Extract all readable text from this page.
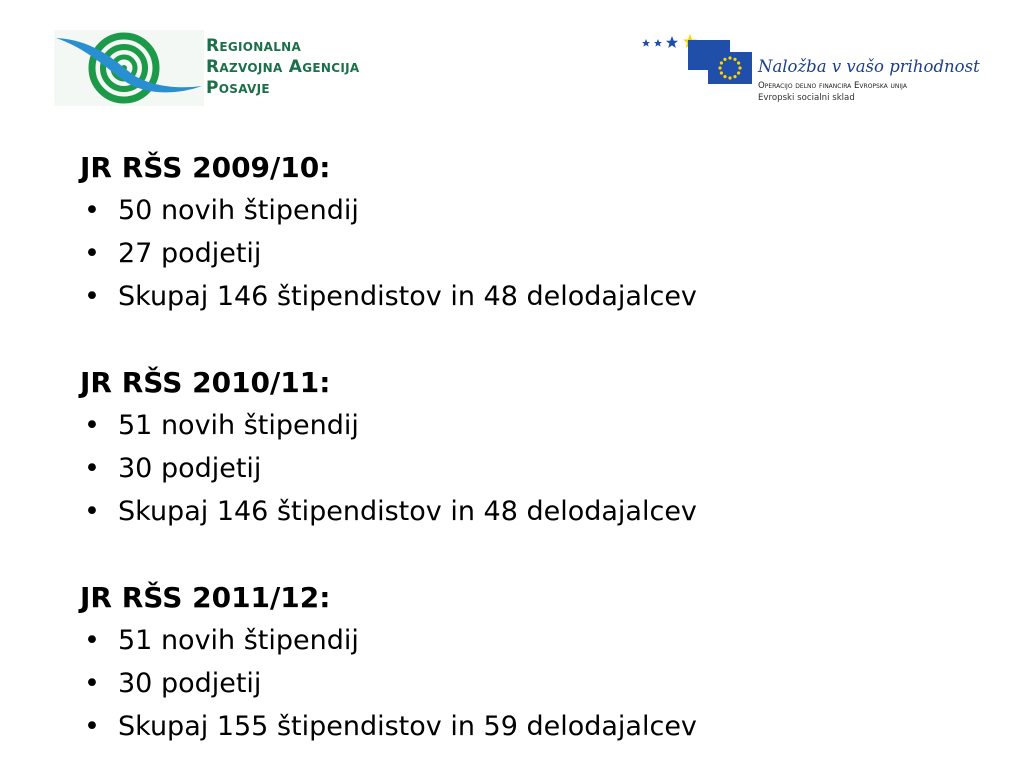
Regionalna
Razvojna Agencija
Posavje
Naložba v vašo prihodnost
Operacijo delno financira Evropska unija
Evropski socialni sklad
JR RŠS 2009/10:
• 50 novih štipendij
• 27 podjetij
• Skupaj 146 štipendistov in 48 delodajalcev
JR RŠS 2010/11:
• 51 novih štipendij
• 30 podjetij
• Skupaj 146 štipendistov in 48 delodajalcev
JR RŠS 2011/12:
• 51 novih štipendij
• 30 podjetij
• Skupaj 155 štipendistov in 59 delodajalcev
